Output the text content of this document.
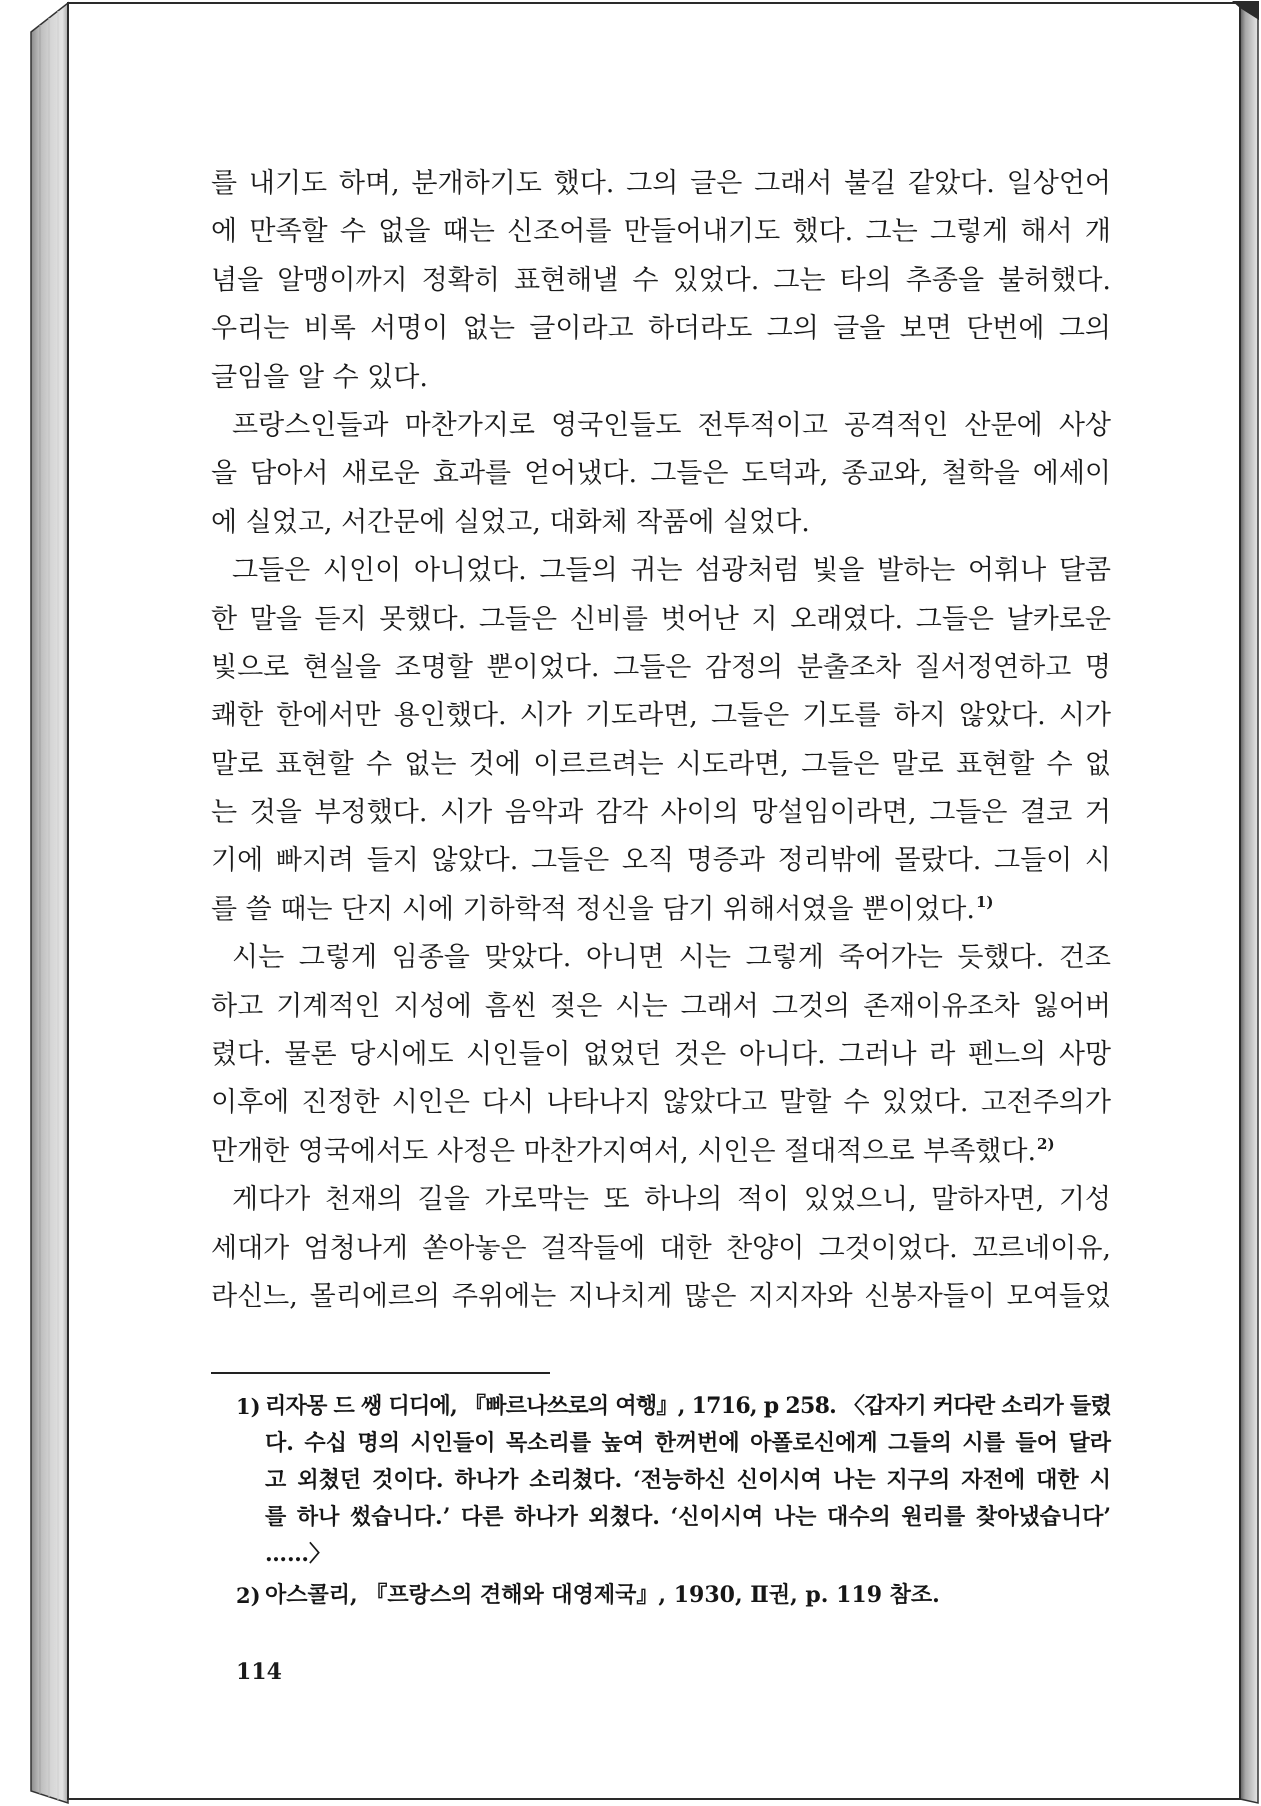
를 내기도 하며, 분개하기도 했다. 그의 글은 그래서 불길 같았다. 일상언어
에 만족할 수 없을 때는 신조어를 만들어내기도 했다. 그는 그렇게 해서 개
념을 알맹이까지 정확히 표현해낼 수 있었다. 그는 타의 추종을 불허했다.
우리는 비록 서명이 없는 글이라고 하더라도 그의 글을 보면 단번에 그의
글임을 알 수 있다.
프랑스인들과 마찬가지로 영국인들도 전투적이고 공격적인 산문에 사상
을 담아서 새로운 효과를 얻어냈다. 그들은 도덕과, 종교와, 철학을 에세이
에 실었고, 서간문에 실었고, 대화체 작품에 실었다.
그들은 시인이 아니었다. 그들의 귀는 섬광처럼 빛을 발하는 어휘나 달콤
한 말을 듣지 못했다. 그들은 신비를 벗어난 지 오래였다. 그들은 날카로운
빛으로 현실을 조명할 뿐이었다. 그들은 감정의 분출조차 질서정연하고 명
쾌한 한에서만 용인했다. 시가 기도라면, 그들은 기도를 하지 않았다. 시가
말로 표현할 수 없는 것에 이르르려는 시도라면, 그들은 말로 표현할 수 없
는 것을 부정했다. 시가 음악과 감각 사이의 망설임이라면, 그들은 결코 거
기에 빠지려 들지 않았다. 그들은 오직 명증과 정리밖에 몰랐다. 그들이 시
를 쓸 때는 단지 시에 기하학적 정신을 담기 위해서였을 뿐이었다.$^{1)}$
시는 그렇게 임종을 맞았다. 아니면 시는 그렇게 죽어가는 듯했다. 건조
하고 기계적인 지성에 흠씬 젖은 시는 그래서 그것의 존재이유조차 잃어버
렸다. 물론 당시에도 시인들이 없었던 것은 아니다. 그러나 라 펜느의 사망
이후에 진정한 시인은 다시 나타나지 않았다고 말할 수 있었다. 고전주의가
만개한 영국에서도 사정은 마찬가지여서, 시인은 절대적으로 부족했다.$^{2)}$
게다가 천재의 길을 가로막는 또 하나의 적이 있었으니, 말하자면, 기성
세대가 엄청나게 쏟아놓은 걸작들에 대한 찬양이 그것이었다. 꼬르네이유,
라신느, 몰리에르의 주위에는 지나치게 많은 지지자와 신봉자들이 모여들었
1) 리자몽 드 쌩 디디에, 『빠르나쓰로의 여행』, 1716, p 258. 〈갑자기 커다란 소리가 들렸
다. 수십 명의 시인들이 목소리를 높여 한꺼번에 아폴로신에게 그들의 시를 들어 달라
고 외쳤던 것이다. 하나가 소리쳤다. ‘전능하신 신이시여 나는 지구의 자전에 대한 시
를 하나 썼습니다.’ 다른 하나가 외쳤다. ‘신이시여 나는 대수의 원리를 찾아냈습니다’
……〉
2) 아스콜리, 『프랑스의 견해와 대영제국』, 1930, Ⅱ권, p. 119 참조.
114
